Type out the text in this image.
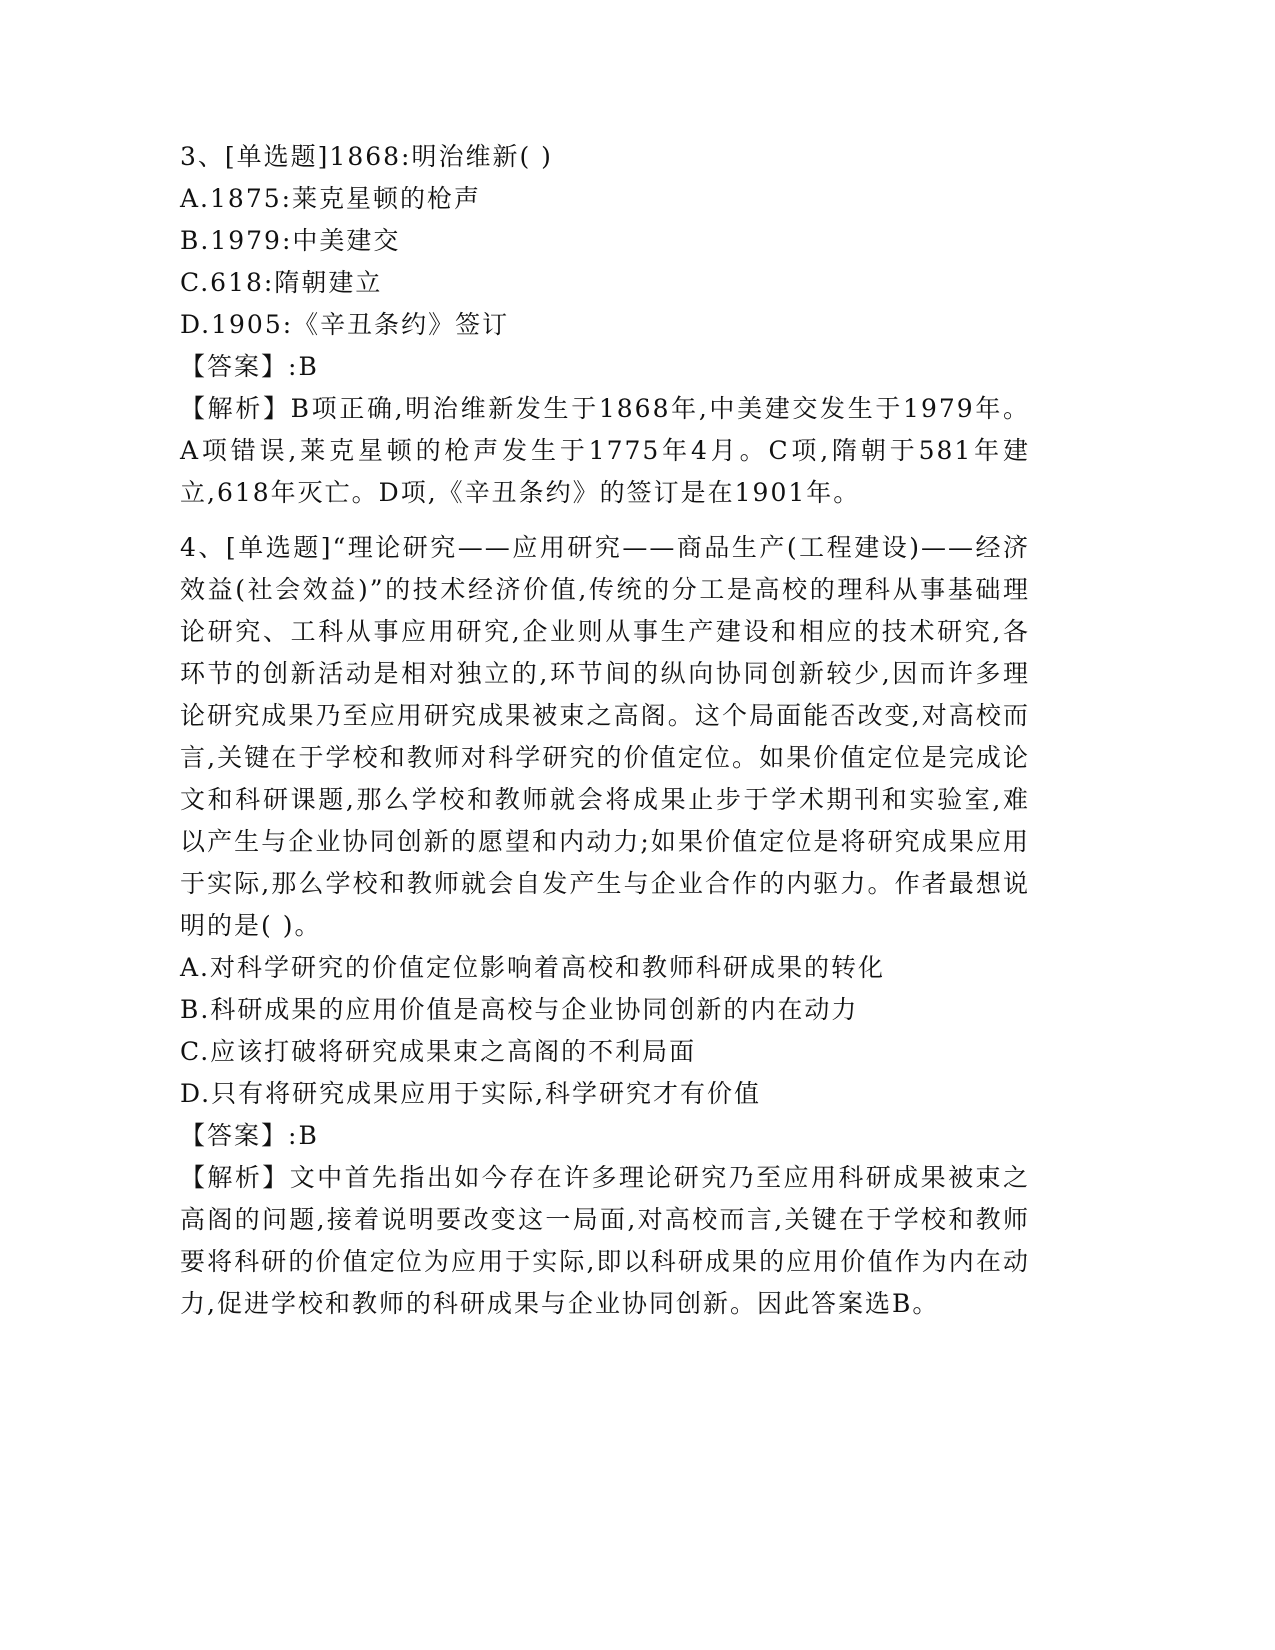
3、[单选题]1868:明治维新( )

A.1875:莱克星顿的枪声
B.1979:中美建交
C.618:隋朝建立
D.1905:《辛丑条约》签订
【答案】:B

【解析】B项正确,明治维新发生于1868年,中美建交发生于1979年。A项错误,莱克星顿的枪声发生于1775年4月。C项,隋朝于581年建立,618年灭亡。D项,《辛丑条约》的签订是在1901年。

4、[单选题]“理论研究——应用研究——商品生产(工程建设)——经济效益(社会效益)”的技术经济价值,传统的分工是高校的理科从事基础理论研究、工科从事应用研究,企业则从事生产建设和相应的技术研究,各环节的创新活动是相对独立的,环节间的纵向协同创新较少,因而许多理论研究成果乃至应用研究成果被束之高阁。这个局面能否改变,对高校而言,关键在于学校和教师对科学研究的价值定位。如果价值定位是完成论文和科研课题,那么学校和教师就会将成果止步于学术期刊和实验室,难以产生与企业协同创新的愿望和内动力;如果价值定位是将研究成果应用于实际,那么学校和教师就会自发产生与企业合作的内驱力。作者最想说明的是( )。

A.对科学研究的价值定位影响着高校和教师科研成果的转化
B.科研成果的应用价值是高校与企业协同创新的内在动力
C.应该打破将研究成果束之高阁的不利局面
D.只有将研究成果应用于实际,科学研究才有价值
【答案】:B

【解析】文中首先指出如今存在许多理论研究乃至应用科研成果被束之高阁的问题,接着说明要改变这一局面,对高校而言,关键在于学校和教师要将科研的价值定位为应用于实际,即以科研成果的应用价值作为内在动力,促进学校和教师的科研成果与企业协同创新。因此答案选B。
